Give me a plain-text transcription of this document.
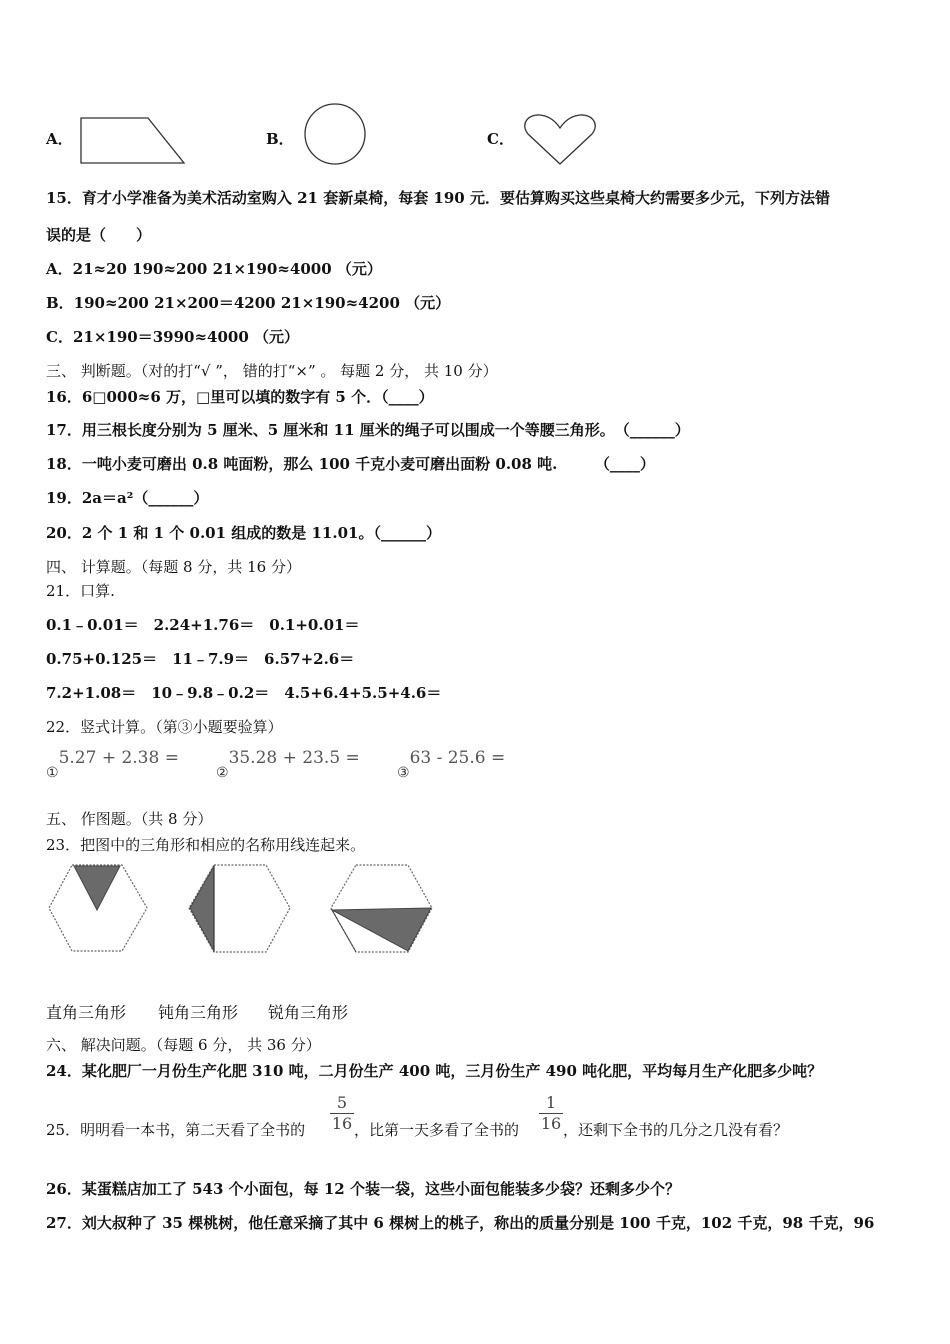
A．	B．	C．
15．育才小学准备为美术活动室购入 21 套新桌椅，每套 190 元．要估算购买这些桌椅大约需要多少元，下列方法错
误的是（　　）
A．21≈20 190≈200 21×190≈4000 （元）
B．190≈200 21×200＝4200 21×190≈4200 （元）
C．21×190＝3990≈4000 （元）
三、 判断题。（对的打“√ ”， 错的打“×” 。 每题 2 分， 共 10 分）
16．6□000≈6 万，□里可以填的数字有 5 个．（____）
17．用三根长度分别为 5 厘米、5 厘米和 11 厘米的绳子可以围成一个等腰三角形。　（______）
18．一吨小麦可磨出 0.8 吨面粉，那么 100 千克小麦可磨出面粉 0.08 吨.　　　（____）
19．2a＝a²（______）
20．2 个 1 和 1 个 0.01 组成的数是 11.01。（______）
四、 计算题。（每题 8 分，共 16 分）
21．口算.
0.1﹣0.01＝　2.24+1.76＝　0.1+0.01＝
0.75+0.125＝　11﹣7.9＝　6.57+2.6＝
7.2+1.08＝　10﹣9.8﹣0.2＝　4.5+6.4+5.5+4.6＝
22．竖式计算。（第③小题要验算）
①5.27 + 2.38 =
②35.28 + 23.5 =
③63 - 25.6 =
五、 作图题。（共 8 分）
23．把图中的三角形和相应的名称用线连起来。
直角三角形 钝角三角形 锐角三角形
六、 解决问题。（每题 6 分， 共 36 分）
24．某化肥厂一月份生产化肥 310 吨，二月份生产 400 吨，三月份生产 490 吨化肥，平均每月生产化肥多少吨？
25．明明看一本书，第二天看了全书的
5
16 ，比第一天多看了全书的
1
16 ，还剩下全书的几分之几没有看？
26．某蛋糕店加工了 543 个小面包，每 12 个装一袋，这些小面包能装多少袋？还剩多少个？
27．刘大叔种了 35 棵桃树，他任意采摘了其中 6 棵树上的桃子，称出的质量分别是 100 千克，102 千克，98 千克，96
